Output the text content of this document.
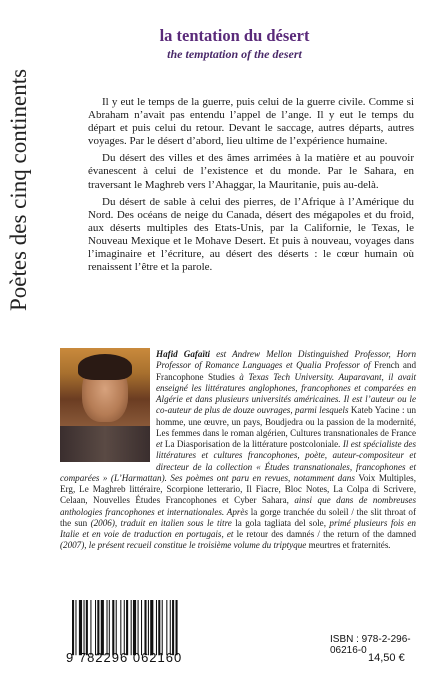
Poètes des cinq continents
la tentation du désert
the temptation of the desert

Il y eut le temps de la guerre, puis celui de la guerre civile. Comme si Abraham n’avait pas entendu l’appel de l’ange. Il y eut le temps du départ et puis celui du retour. Devant le saccage, autres départs, autres voyages. Par le désert d’abord, lieu ultime de l’expérience humaine.

Du désert des villes et des âmes arrimées à la matière et au pouvoir évanescent à celui de l’existence et du monde. Par le Sahara, en traversant le Maghreb vers l’Ahaggar, la Mauritanie, puis au-delà.

Du désert de sable à celui des pierres, de l’Afrique à l’Amérique du Nord. Des océans de neige du Canada, désert des mégapoles et du froid, aux déserts multiples des Etats-Unis, par la Californie, le Texas, le Nouveau Mexique et le Mohave Desert. Et puis à nouveau, voyages dans l’imaginaire et l’écriture, au désert des déserts : le cœur humain où renaissent l’être et la parole.

Hafid Gafaïti est Andrew Mellon Distinguished Professor, Horn Professor of Romance Languages et Qualia Professor of French and Francophone Studies à Texas Tech University. Auparavant, il avait enseigné les littératures anglophones, francophones et comparées en Algérie et dans plusieurs universités américaines. Il est l’auteur ou le co-auteur de plus de douze ouvrages, parmi lesquels Kateb Yacine : un homme, une œuvre, un pays, Boudjedra ou la passion de la modernité, Les femmes dans le roman algérien, Cultures transnationales de France et La Diasporisation de la littérature postcoloniale. Il est spécialiste des littératures et cultures francophones, poète, auteur-compositeur et directeur de la collection « Études transnationales, francophones et comparées » (L’Harmattan). Ses poèmes ont paru en revues, notamment dans Voix Multiples, Erg, Le Maghreb littéraire, Scorpione letterario, Il Fiacre, Bloc Notes, La Colpa di Scrivere, Celaan, Nouvelles Études Francophones et Cyber Sahara, ainsi que dans de nombreuses anthologies francophones et internationales. Après la gorge tranchée du soleil / the slit throat of the sun (2006), traduit en italien sous le titre la gola tagliata del sole, primé plusieurs fois en Italie et en voie de traduction en portugais, et le retour des damnés / the return of the damned (2007), le présent recueil constitue le troisième volume du triptyque meurtres et fraternités.
9 782296 062160
ISBN : 978-2-296-06216-0
14,50 €
